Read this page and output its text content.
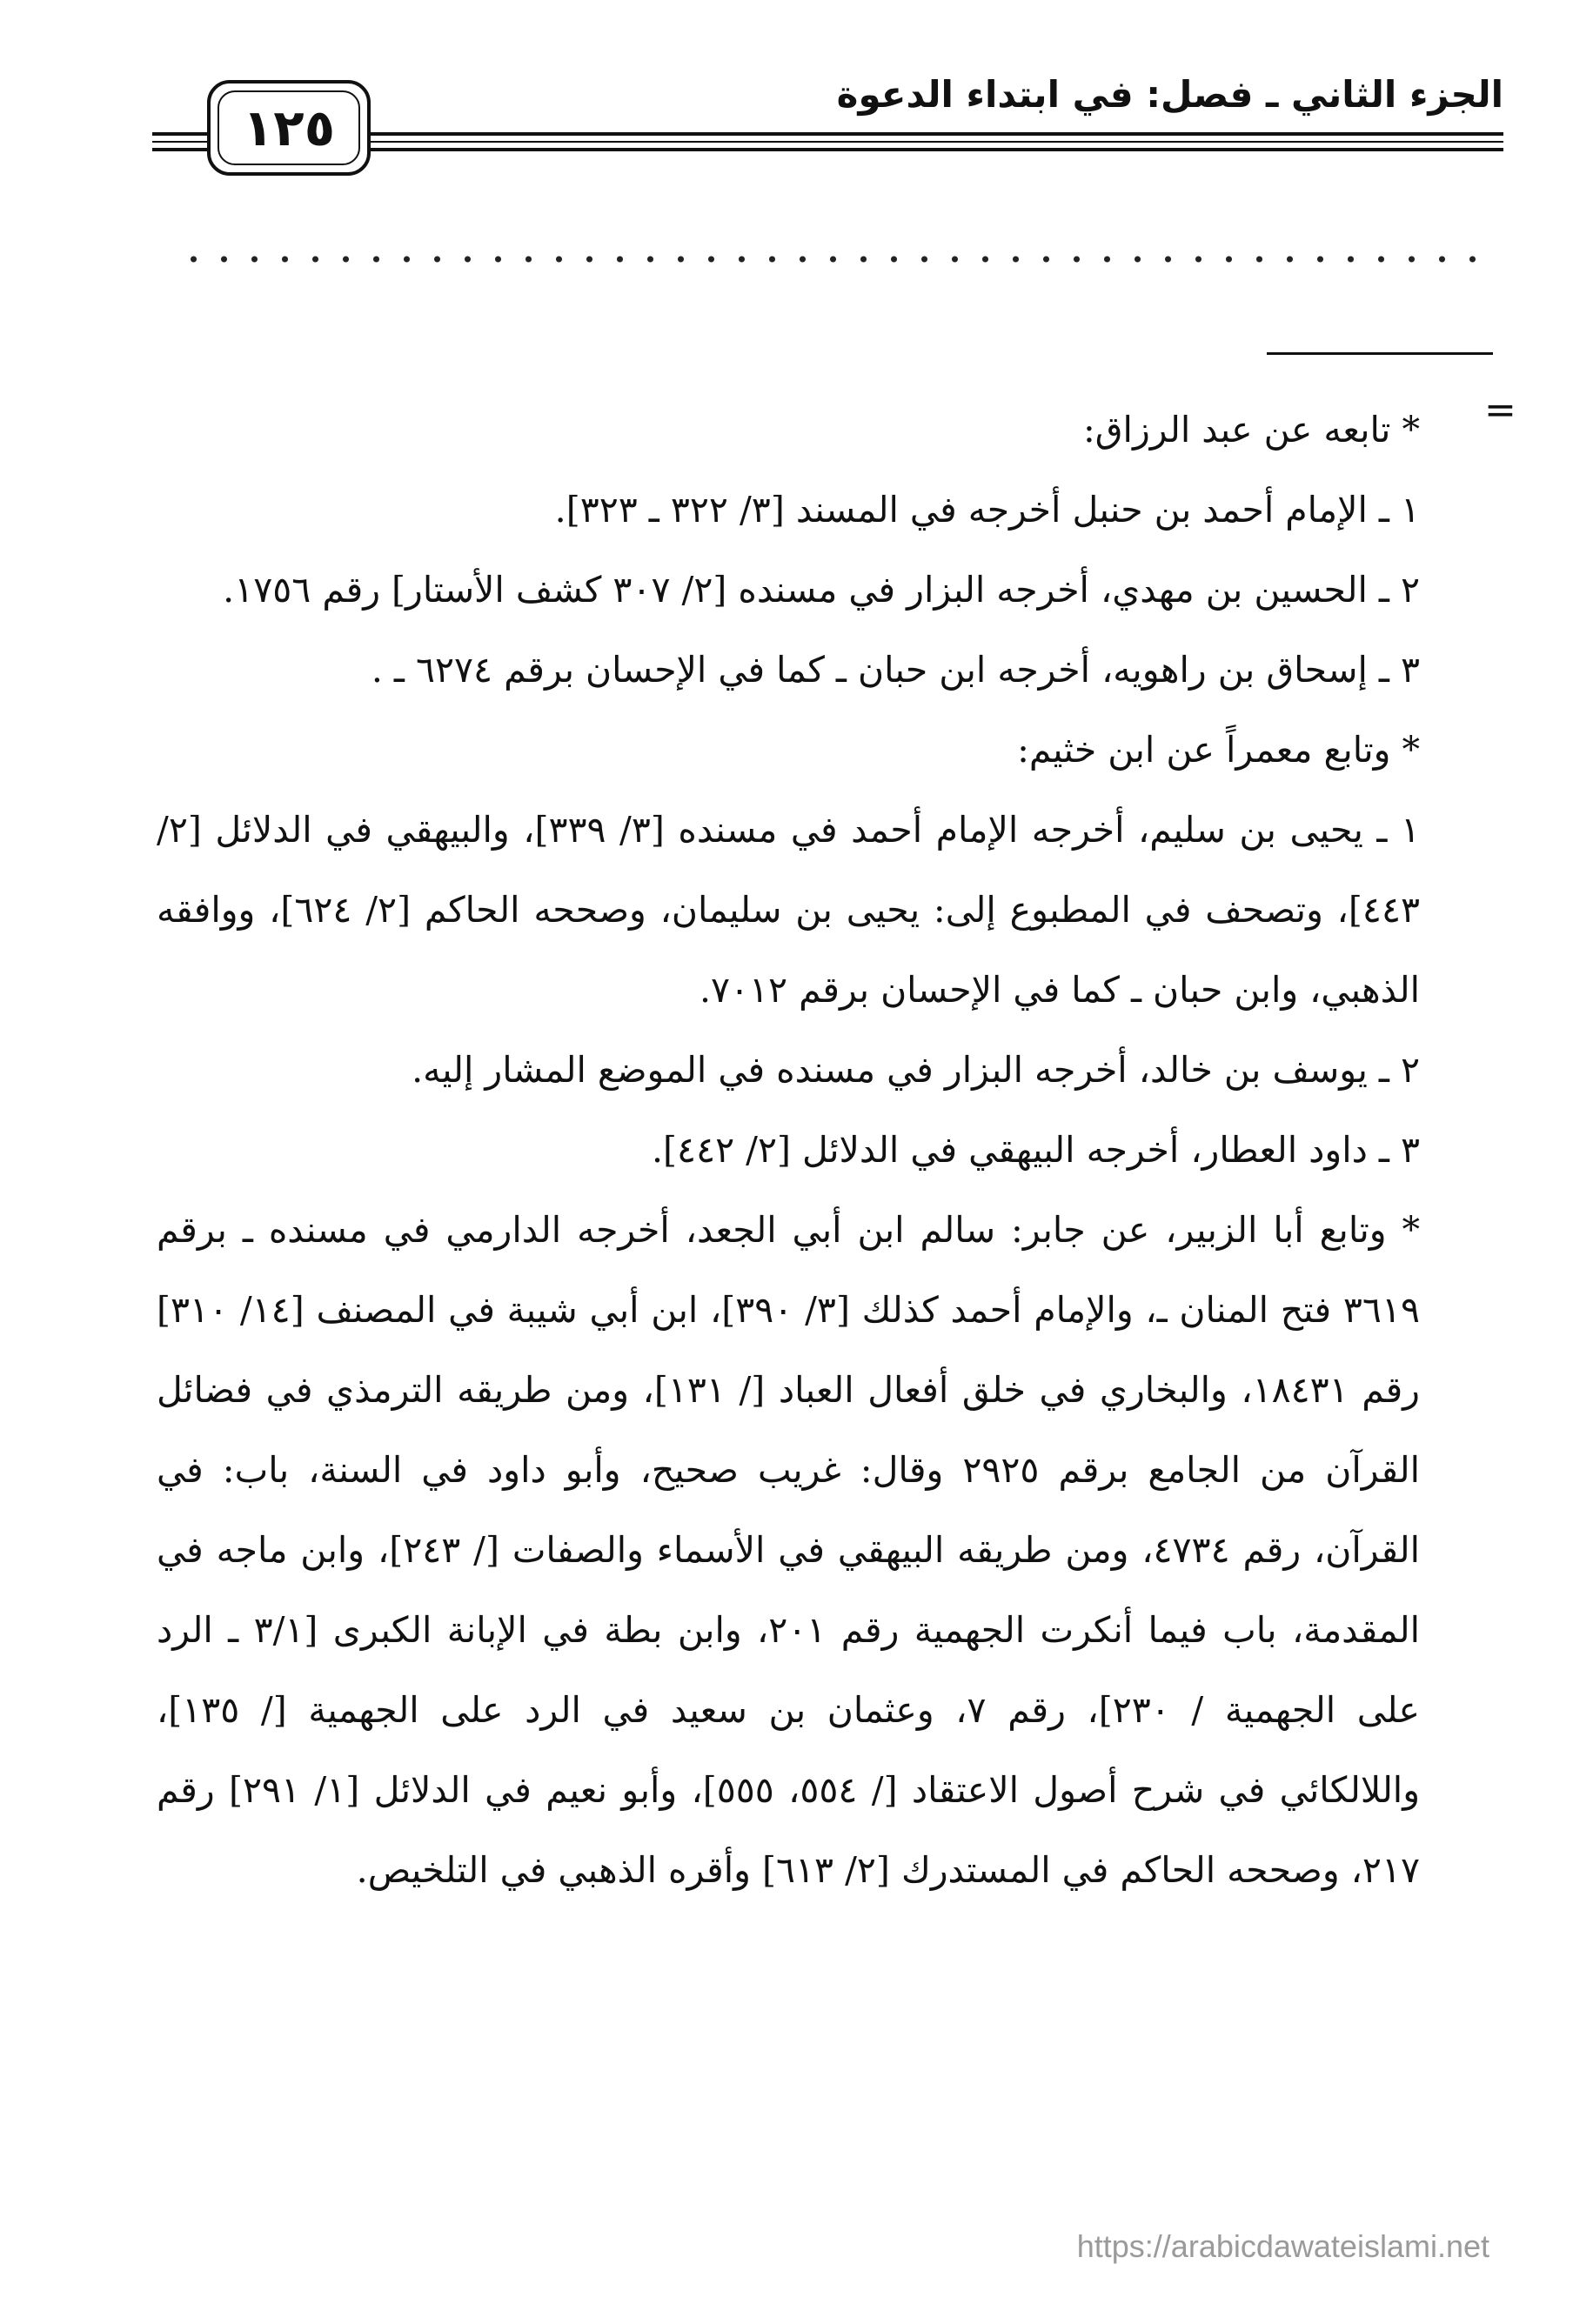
الجزء الثاني ـ فصل: في ابتداء الدعوة
١٢٥
=

* تابعه عن عبد الرزاق:

١ ـ الإمام أحمد بن حنبل أخرجه في المسند [٣/ ٣٢٢ ـ ٣٢٣].

٢ ـ الحسين بن مهدي، أخرجه البزار في مسنده [٢/ ٣٠٧ كشف الأستار] رقم ١٧٥٦.

٣ ـ إسحاق بن راهويه، أخرجه ابن حبان ـ كما في الإحسان برقم ٦٢٧٤ ـ .

* وتابع معمراً عن ابن خثيم:

١ ـ يحيى بن سليم، أخرجه الإمام أحمد في مسنده [٣/ ٣٣٩]، والبيهقي في الدلائل [٢/ ٤٤٣]، وتصحف في المطبوع إلى: يحيى بن سليمان، وصححه الحاكم [٢/ ٦٢٤]، ووافقه الذهبي، وابن حبان ـ كما في الإحسان برقم ٧٠١٢.

٢ ـ يوسف بن خالد، أخرجه البزار في مسنده في الموضع المشار إليه.

٣ ـ داود العطار، أخرجه البيهقي في الدلائل [٢/ ٤٤٢].

* وتابع أبا الزبير، عن جابر: سالم ابن أبي الجعد، أخرجه الدارمي في مسنده ـ برقم ٣٦١٩ فتح المنان ـ، والإمام أحمد كذلك [٣/ ٣٩٠]، ابن أبي شيبة في المصنف [١٤/ ٣١٠] رقم ١٨٤٣١، والبخاري في خلق أفعال العباد [/ ١٣١]، ومن طريقه الترمذي في فضائل القرآن من الجامع برقم ٢٩٢٥ وقال: غريب صحيح، وأبو داود في السنة، باب: في القرآن، رقم ٤٧٣٤، ومن طريقه البيهقي في الأسماء والصفات [/ ٢٤٣]، وابن ماجه في المقدمة، باب فيما أنكرت الجهمية رقم ٢٠١، وابن بطة في الإبانة الكبرى [٣/١ ـ الرد على الجهمية / ٢٣٠]، رقم ٧، وعثمان بن سعيد في الرد على الجهمية [/ ١٣٥]، واللالكائي في شرح أصول الاعتقاد [/ ٥٥٤، ٥٥٥]، وأبو نعيم في الدلائل [١/ ٢٩١] رقم ٢١٧، وصححه الحاكم في المستدرك [٢/ ٦١٣] وأقره الذهبي في التلخيص.

https://arabicdawateislami.net
